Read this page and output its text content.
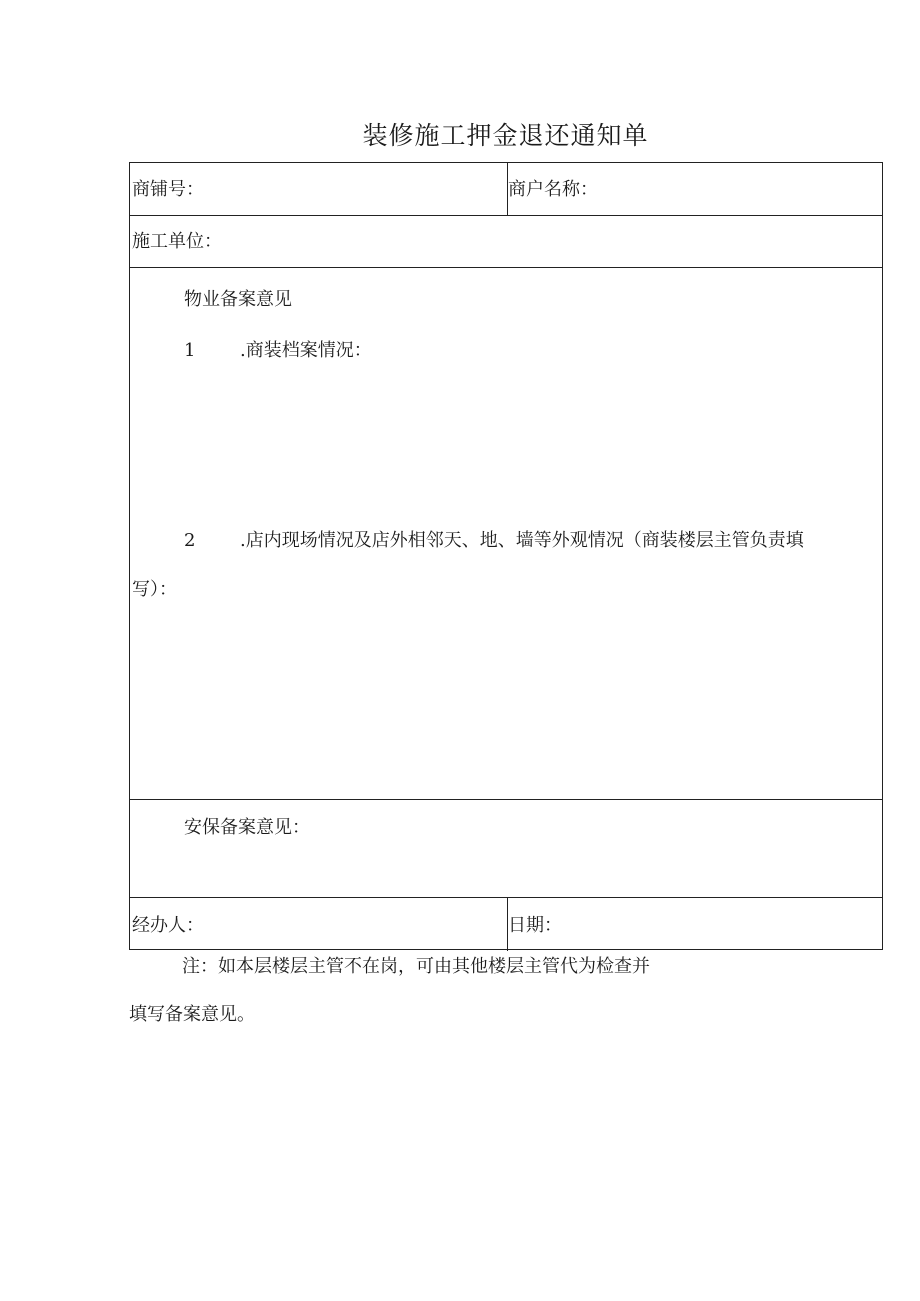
装修施工押金退还通知单
商铺号：	商户名称：
施工单位：
物业备案意见
1 .商装档案情况：
2 .店内现场情况及店外相邻天、地、墙等外观情况（商装楼层主管负责填
写）：
安保备案意见：
经办人：	日期：
注：如本层楼层主管不在岗，可由其他楼层主管代为检查并
填写备案意见。
